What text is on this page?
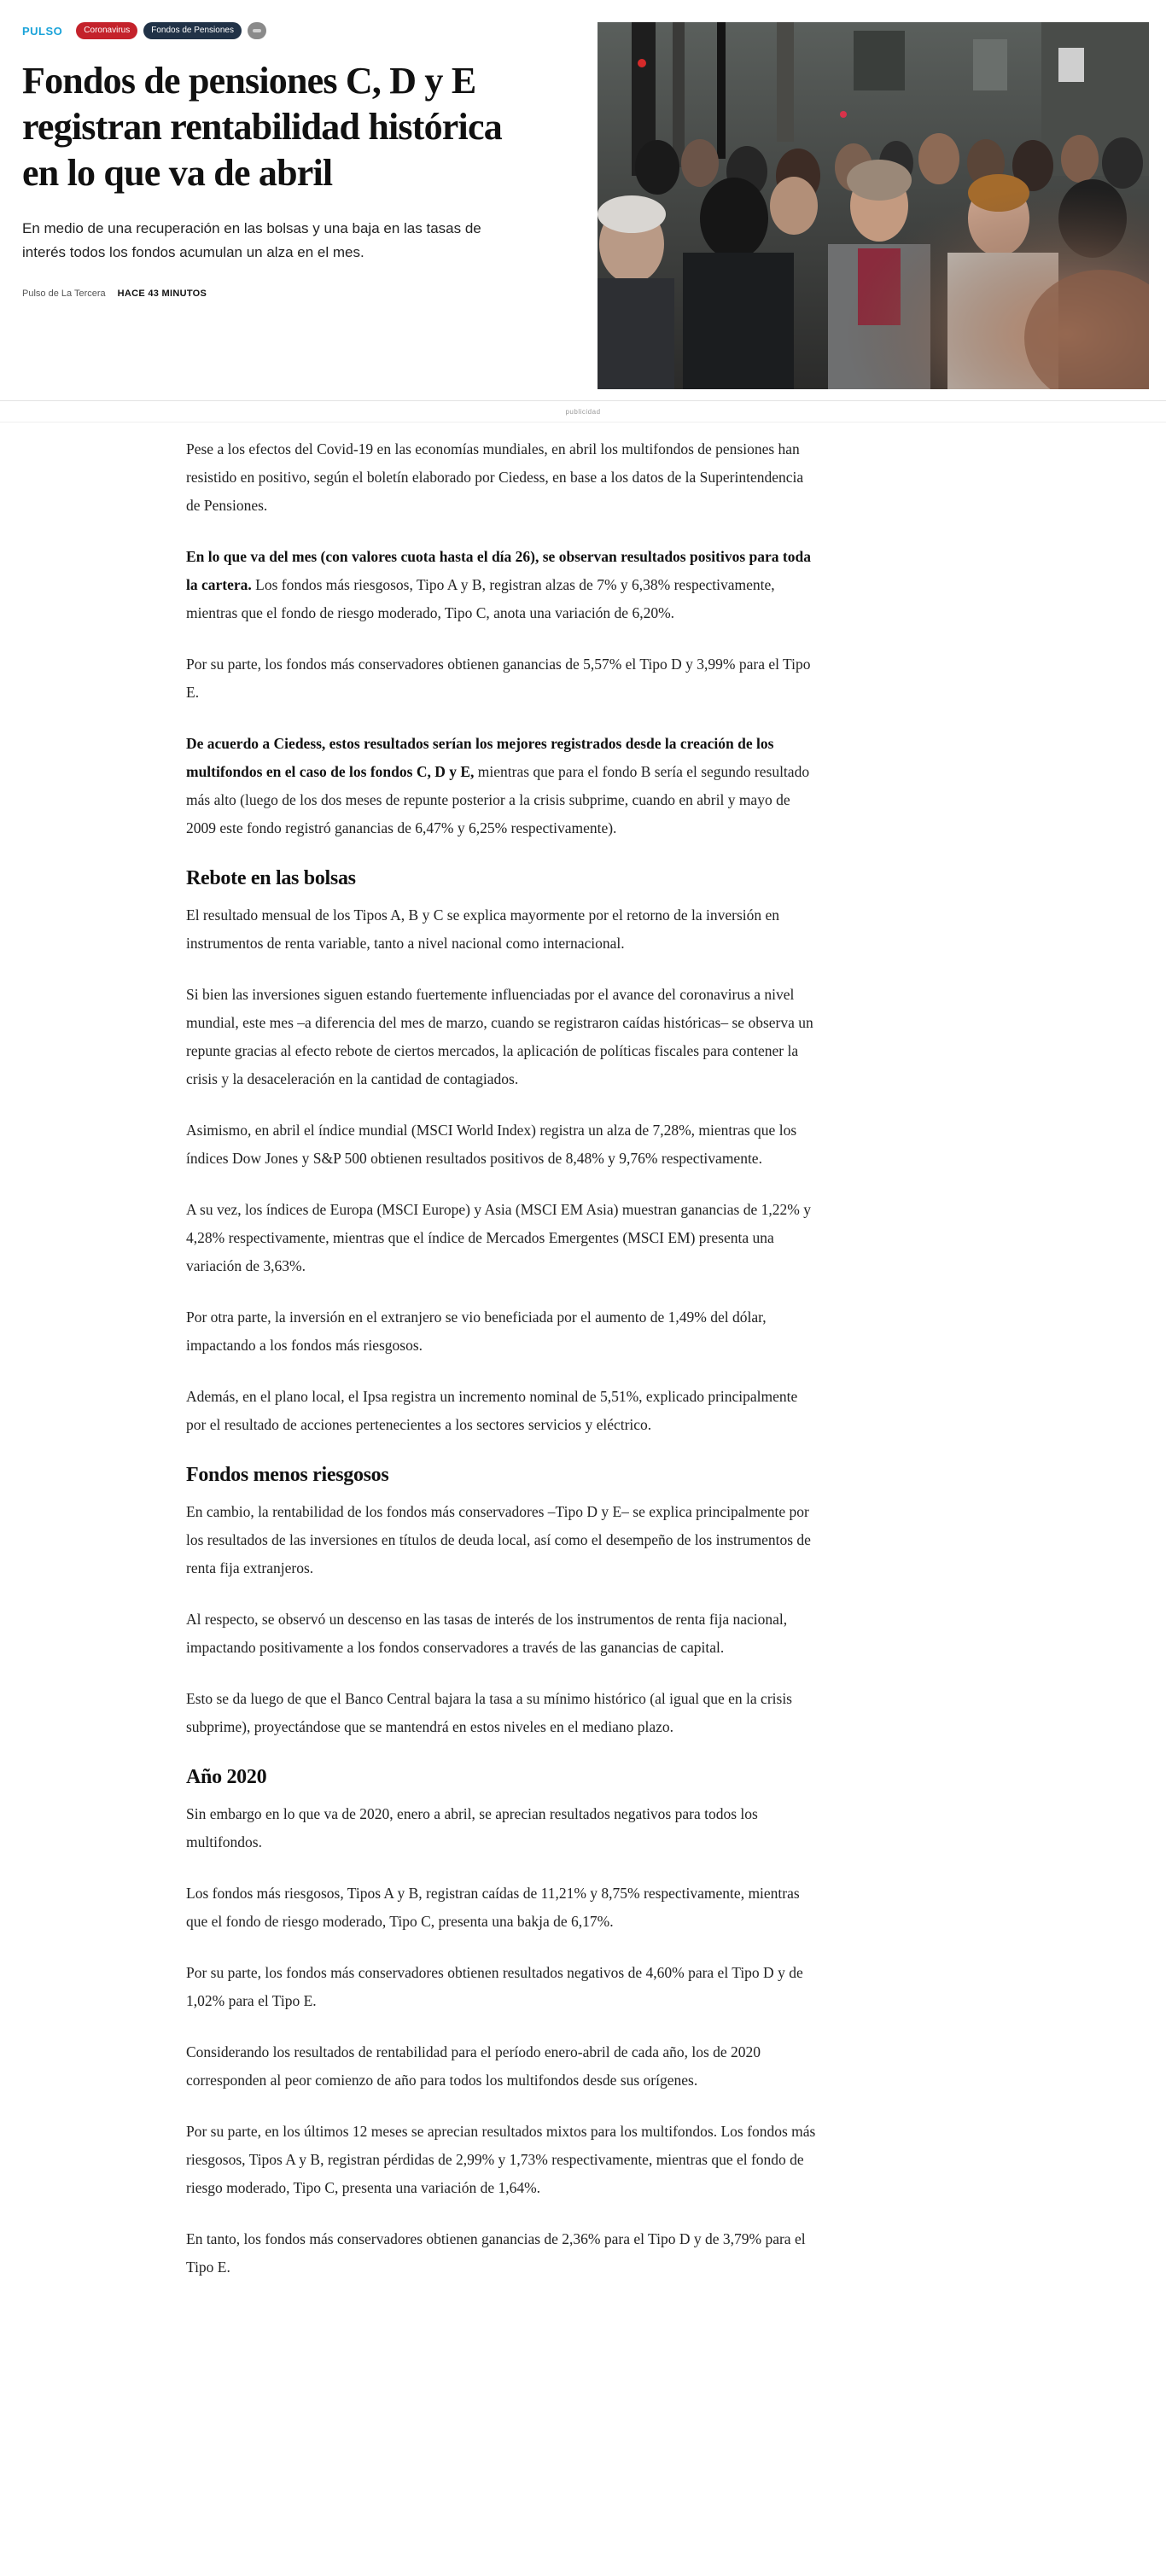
PULSO	Coronavirus	Fondos de Pensiones
Fondos de pensiones C, D y E registran rentabilidad histórica en lo que va de abril

En medio de una recuperación en las bolsas y una baja en las tasas de interés todos los fondos acumulan un alza en el mes.

Pulso de La Tercera HACE 43 MINUTOS
publicidad

Pese a los efectos del Covid-19 en las economías mundiales, en abril los multifondos de pensiones han resistido en positivo, según el boletín elaborado por Ciedess, en base a los datos de la Superintendencia de Pensiones.

En lo que va del mes (con valores cuota hasta el día 26), se observan resultados positivos para toda la cartera. Los fondos más riesgosos, Tipo A y B, registran alzas de 7% y 6,38% respectivamente, mientras que el fondo de riesgo moderado, Tipo C, anota una variación de 6,20%.

Por su parte, los fondos más conservadores obtienen ganancias de 5,57% el Tipo D y 3,99% para el Tipo E.

De acuerdo a Ciedess, estos resultados serían los mejores registrados desde la creación de los multifondos en el caso de los fondos C, D y E, mientras que para el fondo B sería el segundo resultado más alto (luego de los dos meses de repunte posterior a la crisis subprime, cuando en abril y mayo de 2009 este fondo registró ganancias de 6,47% y 6,25% respectivamente).

Rebote en las bolsas

El resultado mensual de los Tipos A, B y C se explica mayormente por el retorno de la inversión en instrumentos de renta variable, tanto a nivel nacional como internacional.

Si bien las inversiones siguen estando fuertemente influenciadas por el avance del coronavirus a nivel mundial, este mes –a diferencia del mes de marzo, cuando se registraron caídas históricas– se observa un repunte gracias al efecto rebote de ciertos mercados, la aplicación de políticas fiscales para contener la crisis y la desaceleración en la cantidad de contagiados.

Asimismo, en abril el índice mundial (MSCI World Index) registra un alza de 7,28%, mientras que los índices Dow Jones y S&P 500 obtienen resultados positivos de 8,48% y 9,76% respectivamente.

A su vez, los índices de Europa (MSCI Europe) y Asia (MSCI EM Asia) muestran ganancias de 1,22% y 4,28% respectivamente, mientras que el índice de Mercados Emergentes (MSCI EM) presenta una variación de 3,63%.

Por otra parte, la inversión en el extranjero se vio beneficiada por el aumento de 1,49% del dólar, impactando a los fondos más riesgosos.

Además, en el plano local, el Ipsa registra un incremento nominal de 5,51%, explicado principalmente por el resultado de acciones pertenecientes a los sectores servicios y eléctrico.

Fondos menos riesgosos

En cambio, la rentabilidad de los fondos más conservadores –Tipo D y E– se explica principalmente por los resultados de las inversiones en títulos de deuda local, así como el desempeño de los instrumentos de renta fija extranjeros.

Al respecto, se observó un descenso en las tasas de interés de los instrumentos de renta fija nacional, impactando positivamente a los fondos conservadores a través de las ganancias de capital.

Esto se da luego de que el Banco Central bajara la tasa a su mínimo histórico (al igual que en la crisis subprime), proyectándose que se mantendrá en estos niveles en el mediano plazo.

Año 2020

Sin embargo en lo que va de 2020, enero a abril, se aprecian resultados negativos para todos los multifondos.

Los fondos más riesgosos, Tipos A y B, registran caídas de 11,21% y 8,75% respectivamente, mientras que el fondo de riesgo moderado, Tipo C, presenta una bakja de 6,17%.

Por su parte, los fondos más conservadores obtienen resultados negativos de 4,60% para el Tipo D y de 1,02% para el Tipo E.

Considerando los resultados de rentabilidad para el período enero-abril de cada año, los de 2020 corresponden al peor comienzo de año para todos los multifondos desde sus orígenes.

Por su parte, en los últimos 12 meses se aprecian resultados mixtos para los multifondos. Los fondos más riesgosos, Tipos A y B, registran pérdidas de 2,99% y 1,73% respectivamente, mientras que el fondo de riesgo moderado, Tipo C, presenta una variación de 1,64%.

En tanto, los fondos más conservadores obtienen ganancias de 2,36% para el Tipo D y de 3,79% para el Tipo E.
